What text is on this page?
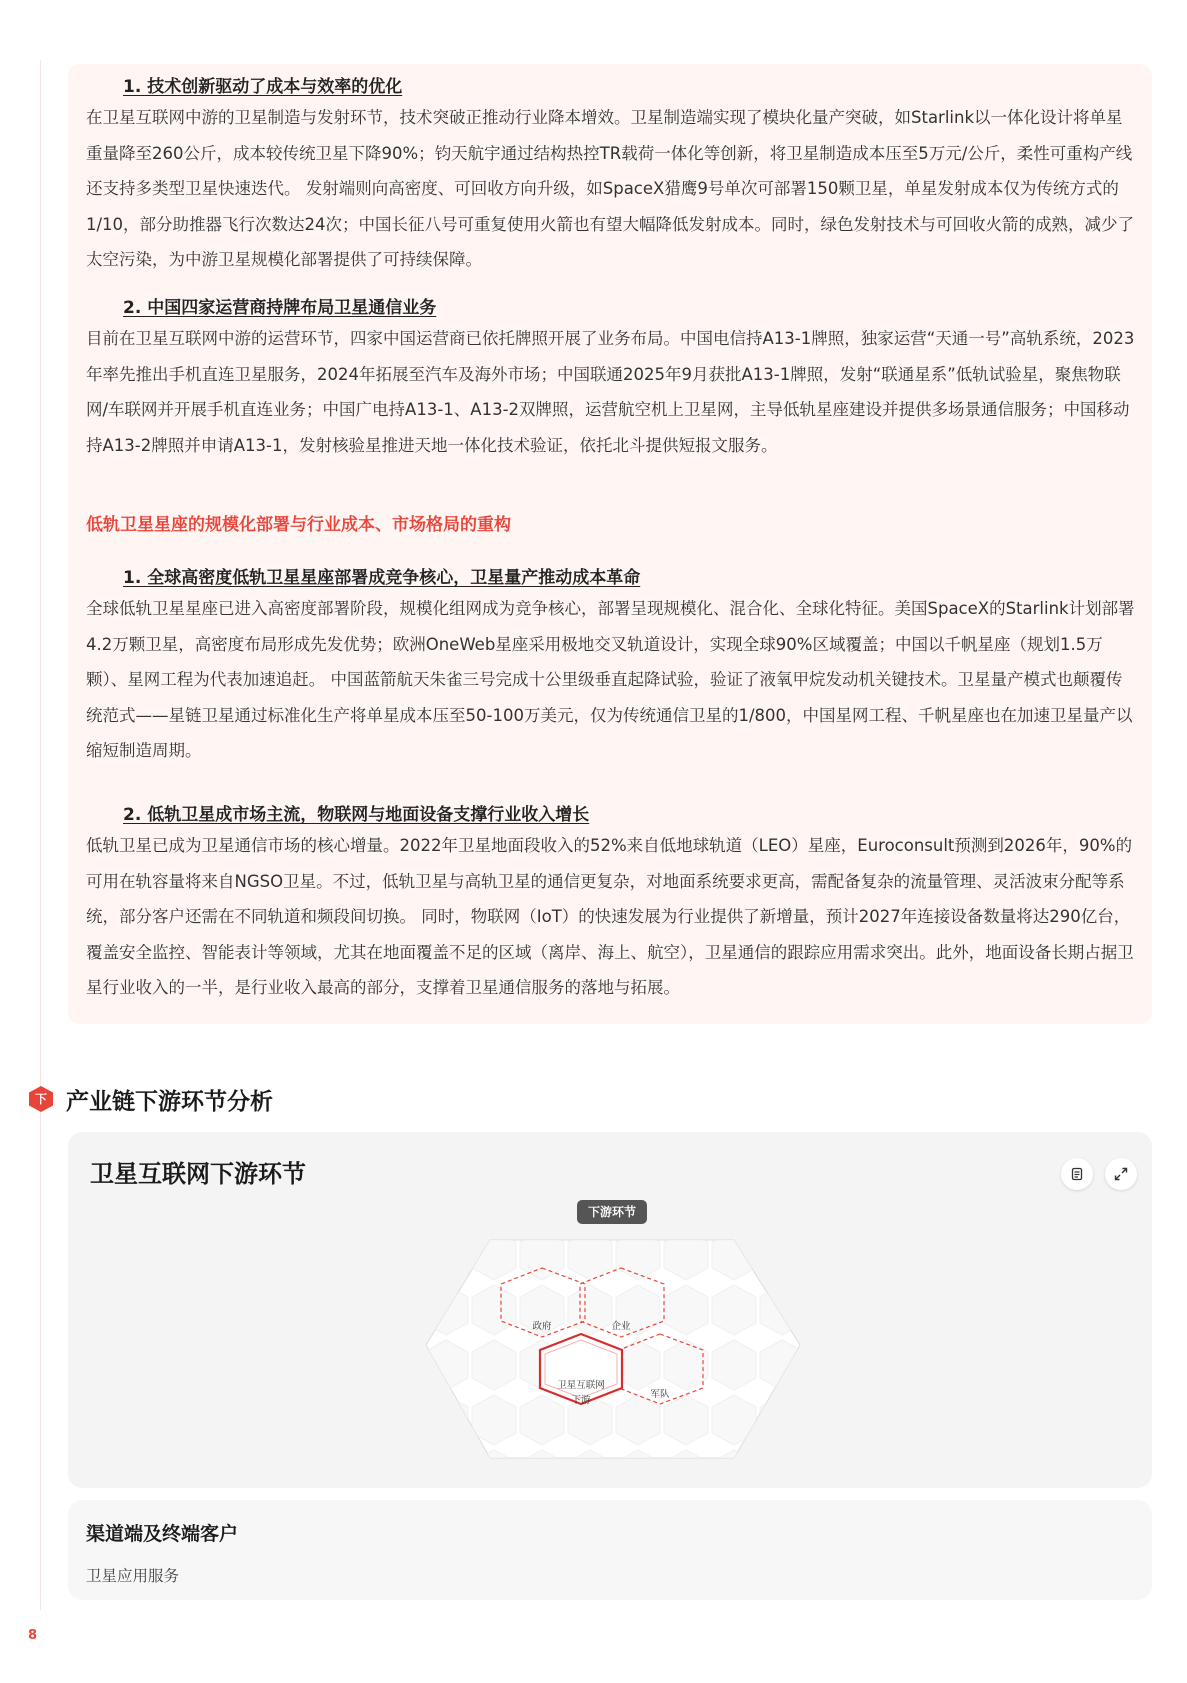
1. 技术创新驱动了成本与效率的优化

在卫星互联网中游的卫星制造与发射环节，技术突破正推动行业降本增效。卫星制造端实现了模块化量产突破，如Starlink以一体化设计将单星重量降至260公斤，成本较传统卫星下降90%；钧天航宇通过结构热控TR载荷一体化等创新，将卫星制造成本压至5万元/公斤，柔性可重构产线还支持多类型卫星快速迭代。 发射端则向高密度、可回收方向升级，如SpaceX猎鹰9号单次可部署150颗卫星，单星发射成本仅为传统方式的1/10，部分助推器飞行次数达24次；中国长征八号可重复使用火箭也有望大幅降低发射成本。同时，绿色发射技术与可回收火箭的成熟，减少了太空污染，为中游卫星规模化部署提供了可持续保障。

2. 中国四家运营商持牌布局卫星通信业务

目前在卫星互联网中游的运营环节，四家中国运营商已依托牌照开展了业务布局。中国电信持A13-1牌照，独家运营“天通一号”高轨系统，2023年率先推出手机直连卫星服务，2024年拓展至汽车及海外市场；中国联通2025年9月获批A13-1牌照，发射“联通星系”低轨试验星，聚焦物联网/车联网并开展手机直连业务；中国广电持A13-1、A13-2双牌照，运营航空机上卫星网，主导低轨星座建设并提供多场景通信服务；中国移动持A13-2牌照并申请A13-1，发射核验星推进天地一体化技术验证，依托北斗提供短报文服务。

低轨卫星星座的规模化部署与行业成本、市场格局的重构
1. 全球高密度低轨卫星星座部署成竞争核心，卫星量产推动成本革命

全球低轨卫星星座已进入高密度部署阶段，规模化组网成为竞争核心，部署呈现规模化、混合化、全球化特征。美国SpaceX的Starlink计划部署4.2万颗卫星，高密度布局形成先发优势；欧洲OneWeb星座采用极地交叉轨道设计，实现全球90%区域覆盖；中国以千帆星座（规划1.5万颗）、星网工程为代表加速追赶。 中国蓝箭航天朱雀三号完成十公里级垂直起降试验，验证了液氧甲烷发动机关键技术。卫星量产模式也颠覆传统范式——星链卫星通过标准化生产将单星成本压至50-100万美元，仅为传统通信卫星的1/800，中国星网工程、千帆星座也在加速卫星量产以缩短制造周期。

2. 低轨卫星成市场主流，物联网与地面设备支撑行业收入增长

低轨卫星已成为卫星通信市场的核心增量。2022年卫星地面段收入的52%来自低地球轨道（LEO）星座，Euroconsult预测到2026年，90%的可用在轨容量将来自NGSO卫星。不过，低轨卫星与高轨卫星的通信更复杂，对地面系统要求更高，需配备复杂的流量管理、灵活波束分配等系统，部分客户还需在不同轨道和频段间切换。 同时，物联网（IoT）的快速发展为行业提供了新增量，预计2027年连接设备数量将达290亿台，覆盖安全监控、智能表计等领域，尤其在地面覆盖不足的区域（离岸、海上、航空），卫星通信的跟踪应用需求突出。此外，地面设备长期占据卫星行业收入的一半，是行业收入最高的部分，支撑着卫星通信服务的落地与拓展。

下 产业链下游环节分析
卫星互联网下游环节
下游环节
政府	企业
军队
卫星互联网
下游
渠道端及终端客户
卫星应用服务
8
